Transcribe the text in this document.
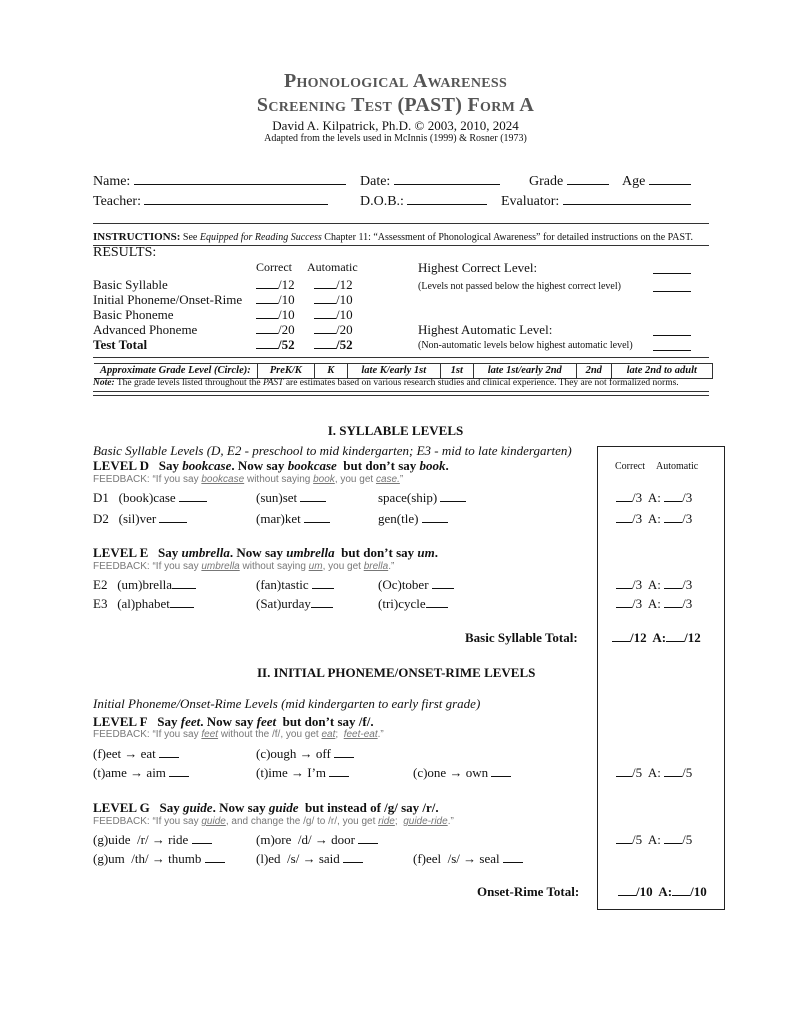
Phonological Awareness
Screening Test (PAST) Form A
David A. Kilpatrick, Ph.D. © 2003, 2010, 2024
Adapted from the levels used in McInnis (1999) & Rosner (1973)
Name:	Date:	Grade	Age
Teacher:	D.O.B.:	Evaluator:
INSTRUCTIONS: See Equipped for Reading Success Chapter 11: “Assessment of Phonological Awareness” for detailed instructions on the PAST.
RESULTS:
Correct Automatic
Basic Syllable	/12	/12
Initial Phoneme/Onset-Rime	/10	/10
Basic Phoneme	/10	/10
Advanced Phoneme	/20	/20
Test Total	/52	/52
Highest Correct Level:
(Levels not passed below the highest correct level)
Highest Automatic Level:
(Non-automatic levels below highest automatic level)
Approximate Grade Level (Circle):	PreK/K	K	late K/early 1st	1st	late 1st/early 2nd	2nd	late 2nd to adult
Note: The grade levels listed throughout the PAST are estimates based on various research studies and clinical experience. They are not formalized norms.
I. SYLLABLE LEVELS
Basic Syllable Levels (D, E2 - preschool to mid kindergarten; E3 - mid to late kindergarten)
Correct Automatic
LEVEL D Say bookcase. Now say bookcase but don’t say book.
FEEDBACK: “If you say bookcase without saying book, you get case.”
D1 (book)case	(sun)set	space(ship)	/3 A: /3
D2 (sil)ver	(mar)ket	gen(tle)	/3 A: /3
LEVEL E Say umbrella. Now say umbrella but don’t say um.
FEEDBACK: “If you say umbrella without saying um, you get brella.”
E2 (um)brella	(fan)tastic	(Oc)tober	/3 A: /3
E3 (al)phabet	(Sat)urday	(tri)cycle	/3 A: /3
Basic Syllable Total:	/12 A: /12
II. INITIAL PHONEME/ONSET-RIME LEVELS
Initial Phoneme/Onset-Rime Levels (mid kindergarten to early first grade)
LEVEL F Say feet. Now say feet but don’t say /f/.
FEEDBACK: “If you say feet without the /f/, you get eat; feet-eat.”
(f)eet → eat	(c)ough → off
(t)ame → aim	(t)ime → I’m	(c)one → own	/5 A: /5
LEVEL G Say guide. Now say guide but instead of /g/ say /r/.
FEEDBACK: “If you say guide, and change the /g/ to /r/, you get ride; guide-ride.”
(g)uide  /r/ → ride	(m)ore  /d/ → door	/5 A: /5
(g)um  /th/ → thumb	(l)ed  /s/ → said	(f)eel  /s/ → seal
Onset-Rime Total:	/10 A: /10
